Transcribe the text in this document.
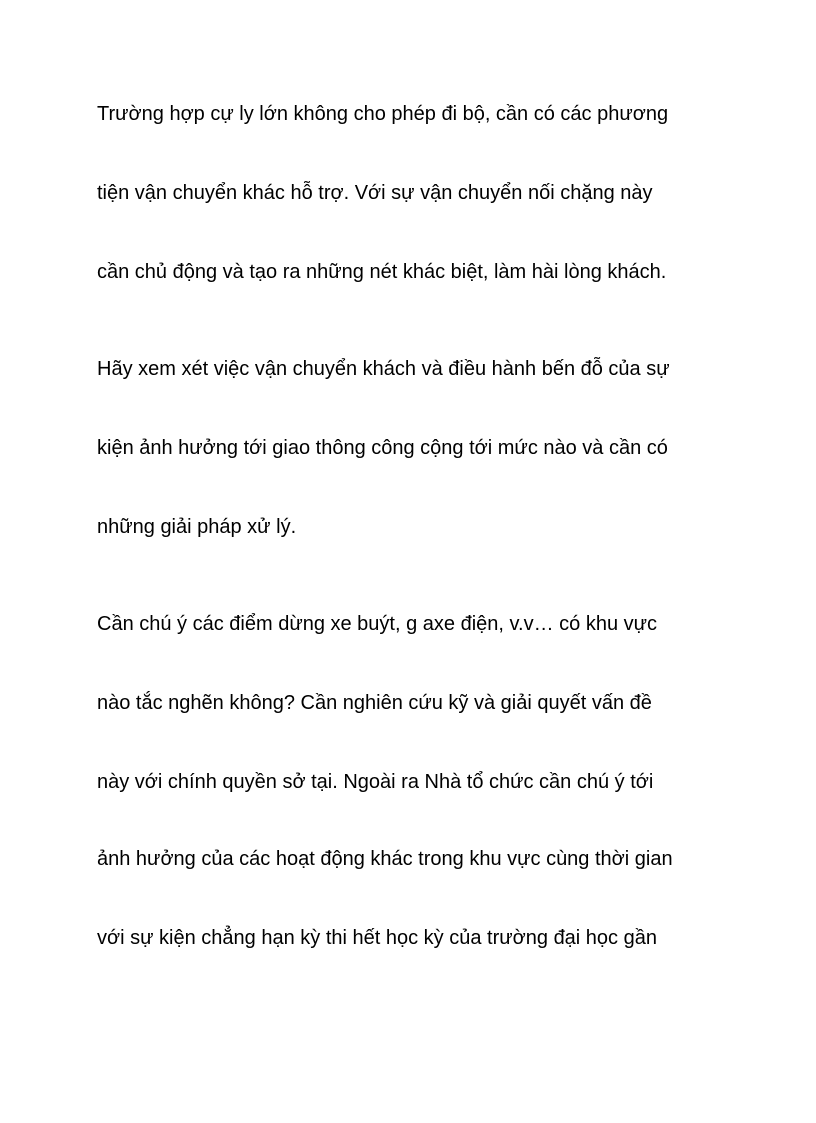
Trường hợp cự ly lớn không cho phép đi bộ, cần có các phương

tiện vận chuyển khác hỗ trợ. Với sự vận chuyển nối chặng này

cần chủ động và tạo ra những nét khác biệt, làm hài lòng khách.

Hãy xem xét việc vận chuyển khách và điều hành bến đỗ của sự

kiện ảnh hưởng tới giao thông công cộng tới mức nào và cần có

những giải pháp xử lý.

Cần chú ý các điểm dừng xe buýt, g axe điện, v.v… có khu vực

nào tắc nghẽn không? Cần nghiên cứu kỹ và giải quyết vấn đề

này với chính quyền sở tại. Ngoài ra Nhà tổ chức cần chú ý tới

ảnh hưởng của các hoạt động khác trong khu vực cùng thời gian

với sự kiện chẳng hạn kỳ thi hết học kỳ của trường đại học gần
